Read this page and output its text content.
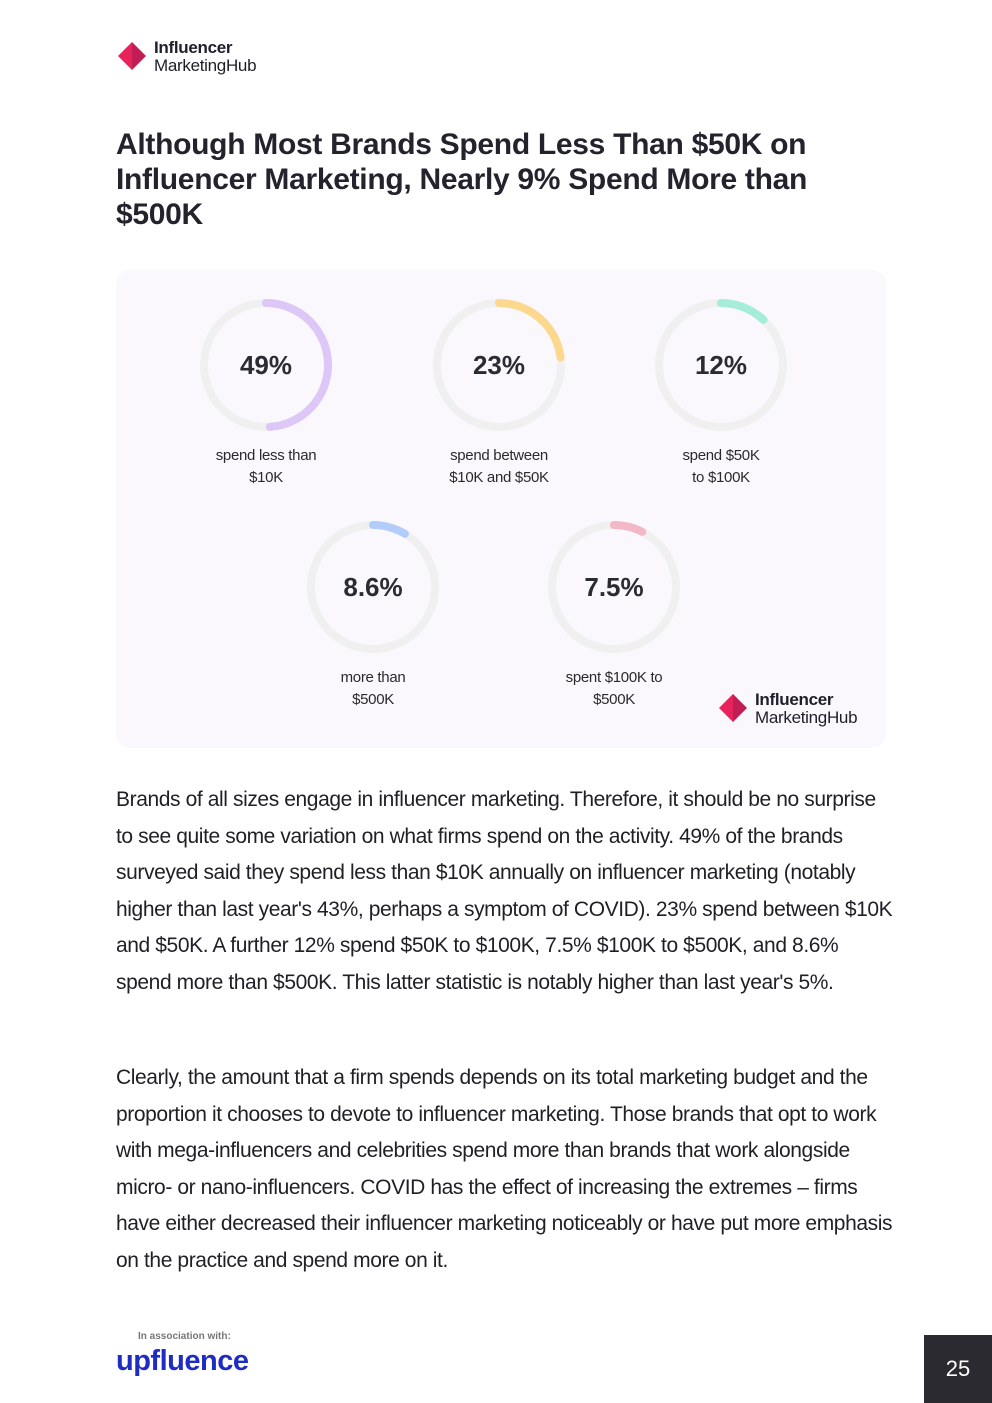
Influencer
MarketingHub
Although Most Brands Spend Less Than $50K on Influencer Marketing, Nearly 9% Spend More than $500K
49%
spend less than
$10K
23%
spend between
$10K and $50K
12%
spend $50K
to $100K
8.6%
more than
$500K
7.5%
spent $100K to
$500K	Influencer
MarketingHub

Brands of all sizes engage in influencer marketing. Therefore, it should be no surprise to see quite some variation on what firms spend on the activity. 49% of the brands surveyed said they spend less than $10K annually on influencer marketing (notably higher than last year's 43%, perhaps a symptom of COVID). 23% spend between $10K and $50K. A further 12% spend $50K to $100K, 7.5% $100K to $500K, and 8.6% spend more than $500K. This latter statistic is notably higher than last year's 5%.

Clearly, the amount that a firm spends depends on its total marketing budget and the proportion it chooses to devote to influencer marketing. Those brands that opt to work with mega-influencers and celebrities spend more than brands that work alongside micro- or nano-influencers. COVID has the effect of increasing the extremes – firms have either decreased their influencer marketing noticeably or have put more emphasis on the practice and spend more on it.

In association with:
upfluence	25
